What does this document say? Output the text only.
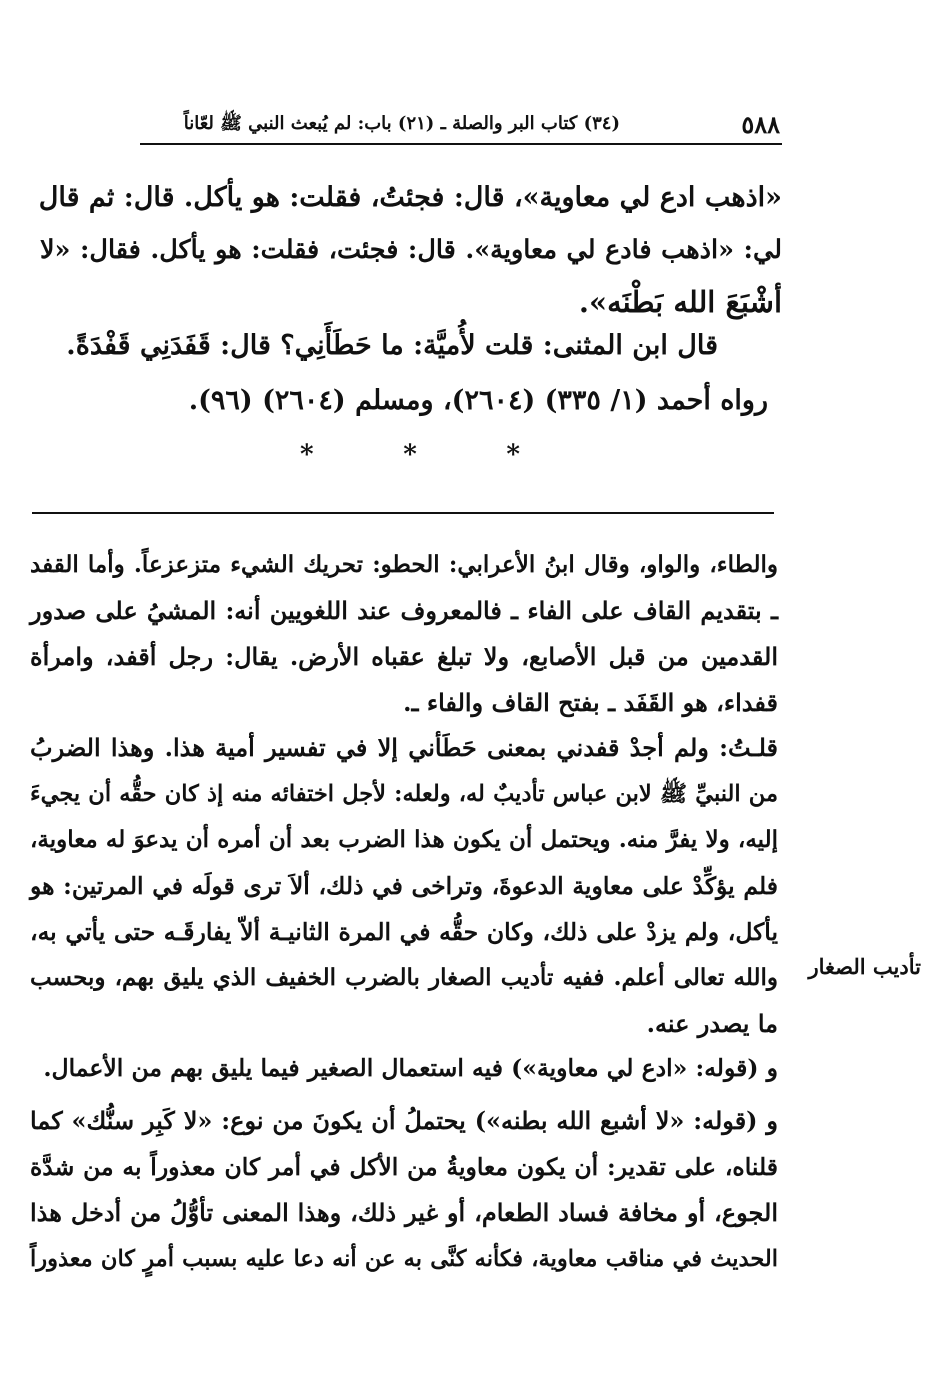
٥٨٨
(٣٤) كتاب البر والصلة ـ (٢١) باب: لم يُبعث النبي ﷺ لعّاناً
«اذهب ادع لي معاوية»، قال: فجئتُ، فقلت: هو يأكل. قال: ثم قال
لي: «اذهب فادع لي معاوية». قال: فجئت، فقلت: هو يأكل. فقال: «لا
أشْبَعَ الله بَطْنَه».
قال ابن المثنى: قلت لأُميَّة: ما حَطَأَنِي؟ قال: قَفَدَنِي قَفْدَةً.
رواه أحمد (١/ ٣٣٥) (٢٦٠٤)، ومسلم (٢٦٠٤) (٩٦).
*
*
*
والطاء، والواو، وقال ابنُ الأعرابي: الحطو: تحريك الشيء متزعزعاً. وأما القفد
ـ بتقديم القاف على الفاء ـ فالمعروف عند اللغويين أنه: المشيُ على صدور
القدمين من قبل الأصابع، ولا تبلغ عقباه الأرض. يقال: رجل أقفد، وامرأة
قفداء، هو القَفَد ـ بفتح القاف والفاء ـ.
قلـتُ: ولم أجدْ قفدني بمعنى حَطَأني إلا في تفسير أمية هذا. وهذا الضربُ
من النبيِّ ﷺ لابن عباس تأديبٌ له، ولعله: لأجل اختفائه منه إذ كان حقُّه أن يجيءَ
إليه، ولا يفرَّ منه. ويحتمل أن يكون هذا الضرب بعد أن أمره أن يدعوَ له معاوية،
فلم يؤكِّدْ على معاوية الدعوةَ، وتراخى في ذلك، ألاَ ترى قولَه في المرتين: هو
يأكل، ولم يزدْ على ذلك، وكان حقُّه في المرة الثانيـة ألاّ يفارقَـه حتى يأتي به،
والله تعالى أعلم. ففيه تأديب الصغار بالضرب الخفيف الذي يليق بهم، وبحسب
ما يصدر عنه.
تأديب الصغار
و (قوله: «ادع لي معاوية») فيه استعمال الصغير فيما يليق بهم من الأعمال.
و (قوله: «لا أشبع الله بطنه») يحتملُ أن يكونَ من نوع: «لا كَبِر سنُّك» كما
قلناه، على تقدير: أن يكون معاويةُ من الأكل في أمر كان معذوراً به من شدَّة
الجوع، أو مخافة فساد الطعام، أو غير ذلك، وهذا المعنى تأوُّلُ من أدخل هذا
الحديث في مناقب معاوية، فكأنه كنَّى به عن أنه دعا عليه بسبب أمرٍ كان معذوراً
